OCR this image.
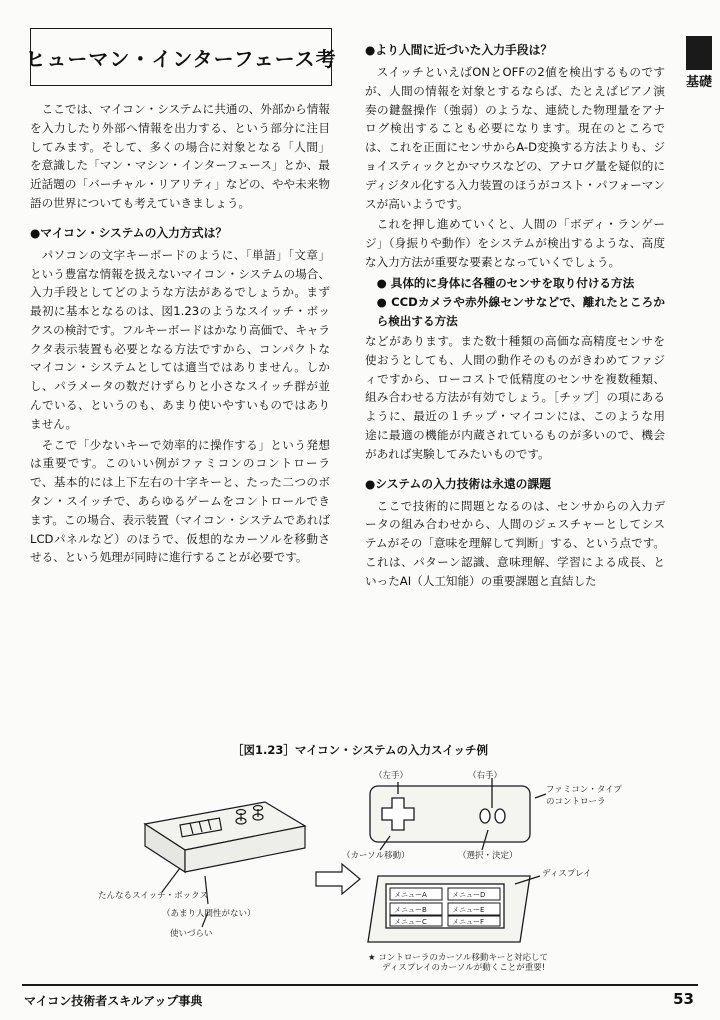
基礎
ヒューマン・インターフェース考

ここでは、マイコン・システムに共通の、外部から情報を入力したり外部へ情報を出力する、という部分に注目してみます。そして、多くの場合に対象となる「人間」を意識した「マン・マシン・インターフェース」とか、最近話題の「バーチャル・リアリティ」などの、やや未来物語の世界についても考えていきましょう。

●マイコン・システムの入力方式は？

パソコンの文字キーボードのように、「単語」「文章」という豊富な情報を扱えないマイコン・システムの場合、入力手段としてどのような方法があるでしょうか。まず最初に基本となるのは、図1.23のようなスイッチ・ボックスの検討です。フルキーボードはかなり高価で、キャラクタ表示装置も必要となる方法ですから、コンパクトなマイコン・システムとしては適当ではありません。しかし、パラメータの数だけずらりと小さなスイッチ群が並んでいる、というのも、あまり使いやすいものではありません。

そこで「少ないキーで効率的に操作する」という発想は重要です。このいい例がファミコンのコントローラで、基本的には上下左右の十字キーと、たった二つのボタン・スイッチで、あらゆるゲームをコントロールできます。この場合、表示装置（マイコン・システムであればLCDパネルなど）のほうで、仮想的なカーソルを移動させる、という処理が同時に進行することが必要です。

●より人間に近づいた入力手段は？

スイッチといえばONとOFFの2値を検出するものですが、人間の情報を対象とするならば、たとえばピアノ演奏の鍵盤操作（強弱）のような、連続した物理量をアナログ検出することも必要になります。現在のところでは、これを正面にセンサからA-D変換する方法よりも、ジョイスティックとかマウスなどの、アナログ量を疑似的にディジタル化する入力装置のほうがコスト・パフォーマンスが高いようです。

これを押し進めていくと、人間の「ボディ・ランゲージ」（身振りや動作）をシステムが検出するような、高度な入力方法が重要な要素となっていくでしょう。

● 具体的に身体に各種のセンサを取り付ける方法

● CCDカメラや赤外線センサなどで、離れたところから検出する方法

などがあります。また数十種類の高価な高精度センサを使おうとしても、人間の動作そのものがきわめてファジィですから、ローコストで低精度のセンサを複数種類、組み合わせる方法が有効でしょう。［チップ］の項にあるように、最近の１チップ・マイコンには、このような用途に最適の機能が内蔵されているものが多いので、機会があれば実験してみたいものです。

●システムの入力技術は永遠の課題

ここで技術的に問題となるのは、センサからの入力データの組み合わせから、人間のジェスチャーとしてシステムがその「意味を理解して判断」する、という点です。これは、パターン認識、意味理解、学習による成長、といったAI（人工知能）の重要課題と直結した

［図1.23］マイコン・システムの入力スイッチ例
メニューA	メニューD
メニューB	メニューE
メニューC	メニューF
（左手）	（右手）
ファミコン・タイプ
のコントローラ
（カーソル移動）	（選択・決定）
ディスプレイ
たんなるスイッチ・ボックス
（あまり人間性がない）
使いづらい
★ コントローラのカーソル移動キーと対応して
ディスプレイのカーソルが動くことが重要!
マイコン技術者スキルアップ事典	53
